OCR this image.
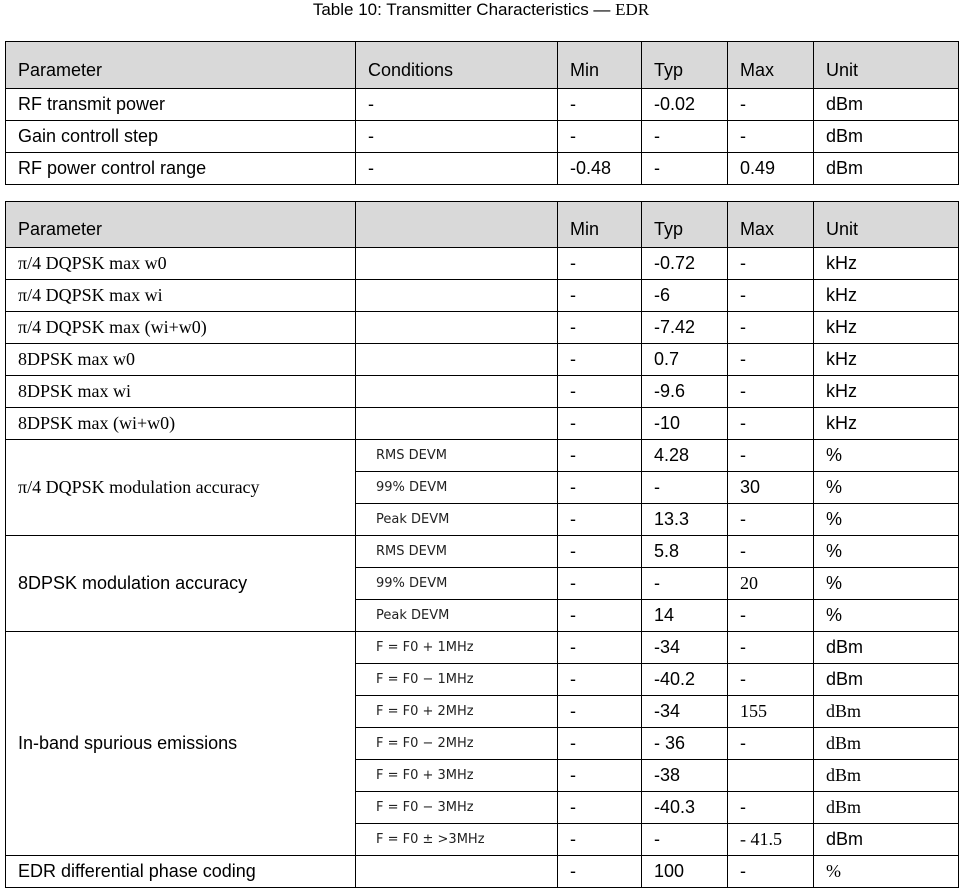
Table 10: Transmitter Characteristics — EDR
Parameter	Conditions	Min	Typ	Max	Unit
RF transmit power	-	-	-0.02	-	dBm
Gain controll step	-	-	-	-	dBm
RF power control range	-	-0.48	-	0.49	dBm
Parameter		Min	Typ	Max	Unit
π/4 DQPSK max w0		-	-0.72	-	kHz
π/4 DQPSK max wi		-	-6	-	kHz
π/4 DQPSK max (wi+w0)		-	-7.42	-	kHz
8DPSK max w0		-	0.7	-	kHz
8DPSK max wi		-	-9.6	-	kHz
8DPSK max (wi+w0)		-	-10	-	kHz
π/4 DQPSK modulation accuracy	RMS DEVM	-	4.28	-	%
	99% DEVM	-	-	30	%
	Peak DEVM	-	13.3	-	%
8DPSK modulation accuracy	RMS DEVM	-	5.8	-	%
	99% DEVM	-	-	20	%
	Peak DEVM	-	14	-	%
In-band spurious emissions	F = F0 + 1MHz	-	-34	-	dBm
	F = F0 − 1MHz	-	-40.2	-	dBm
	F = F0 + 2MHz	-	-34	155	dBm
	F = F0 − 2MHz	-	- 36	-	dBm
	F = F0 + 3MHz	-	-38		dBm
	F = F0 − 3MHz	-	-40.3	-	dBm
	F = F0 ± >3MHz	-	-	- 41.5	dBm
EDR differential phase coding		-	100	-	%
